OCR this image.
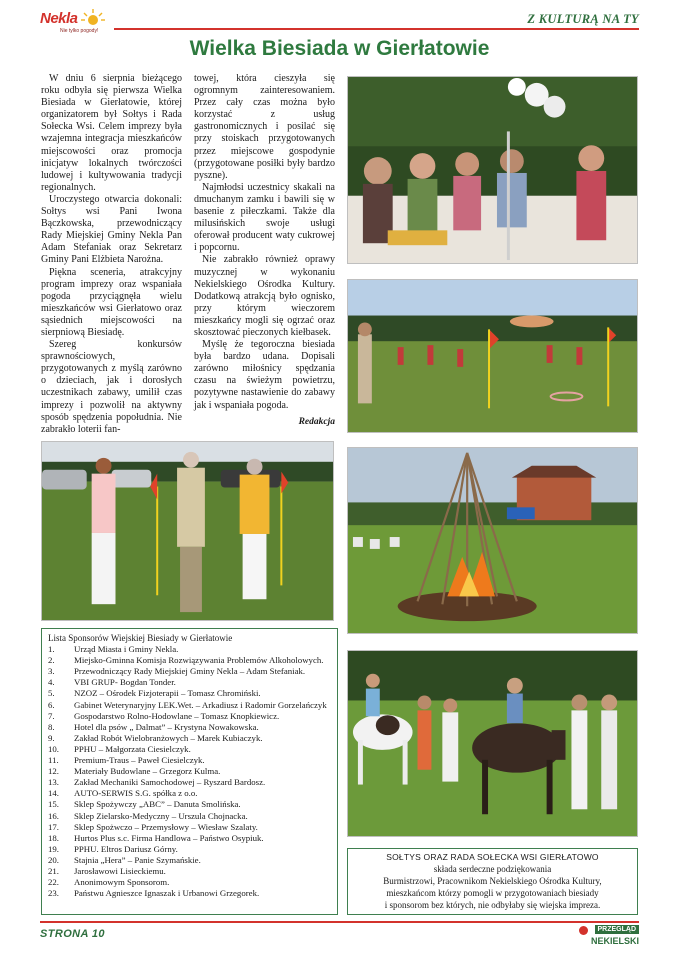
Nekla
Nie tylko pogody!
Z KULTURĄ NA TY
Wielka Biesiada w Gierłatowie

W dniu 6 sierpnia bieżącego roku odbyła się pierwsza Wielka Biesiada w Gierłatowie, której organizatorem był Sołtys i Rada Sołecka Wsi. Celem imprezy była wzajemna integracja mieszkańców miejscowości oraz promocja inicjatyw lokalnych twórczości ludowej i kultywowania tradycji regionalnych.

Uroczystego otwarcia dokonali: Sołtys wsi Pani Iwona Bączkowska, przewodniczący Rady Miejskiej Gminy Nekla Pan Adam Stefaniak oraz Sekretarz Gminy Pani Elżbieta Narożna.

Piękna sceneria, atrakcyjny program imprezy oraz wspaniała pogoda przyciągnęła wielu mieszkańców wsi Gierłatowo oraz sąsiednich miejscowości na sierpniową Biesiadę.

Szereg konkursów sprawnościowych, przygotowanych z myślą zarówno o dzieciach, jak i dorosłych uczestnikach zabawy, umilił czas imprezy i pozwolił na aktywny sposób spędzenia popołudnia. Nie zabrakło loterii fan-

towej, która cieszyła się ogromnym zainteresowaniem. Przez cały czas można było korzystać z usług gastronomicznych i posilać się przy stoiskach przygotowanych przez miejscowe gospodynie (przygotowane posiłki były bardzo pyszne).

Najmłodsi uczestnicy skakali na dmuchanym zamku i bawili się w basenie z piłeczkami. Także dla milusińskich swoje usługi oferował producent waty cukrowej i popcornu.

Nie zabrakło również oprawy muzycznej w wykonaniu Nekielskiego Ośrodka Kultury. Dodatkową atrakcją było ognisko, przy którym wieczorem mieszkańcy mogli się ogrzać oraz skosztować pieczonych kiełbasek.

Myślę że tegoroczna biesiada była bardzo udana. Dopisali zarówno miłośnicy spędzania czasu na świeżym powietrzu, pozytywne nastawienie do zabawy jak i wspaniała pogoda.

Redakcja

Lista Sponsorów Wiejskiej Biesiady w Gierłatowie
1.	Urząd Miasta i Gminy Nekla.
2.	Miejsko-Gminna Komisja Rozwiązywania Problemów Alkoholowych.
3.	Przewodniczący Rady Miejskiej Gminy Nekla – Adam Stefaniak.
4.	VBI GRUP- Bogdan Tonder.
5.	NZOZ – Ośrodek Fizjoterapii – Tomasz Chromiński.
6.	Gabinet Weterynaryjny LEK.Wet. – Arkadiusz i Radomir Gorzelańczyk
7.	Gospodarstwo Rolno-Hodowlane – Tomasz Knopkiewicz.
8.	Hotel dla psów „ Dalmat” – Krystyna Nowakowska.
9.	Zakład Robót Wielobranżowych – Marek Kubiaczyk.
10.	PPHU – Małgorzata Ciesielczyk.
11.	Premium-Traus – Paweł Ciesielczyk.
12.	Materiały Budowlane – Grzegorz Kulma.
13.	Zakład Mechaniki Samochodowej – Ryszard Bardosz.
14.	AUTO-SERWIS S.G. spółka z o.o.
15.	Sklep Spożywczy „ABC” – Danuta Smolińska.
16.	Sklep Zielarsko-Medyczny – Urszula Chojnacka.
17.	Sklep Spożwczo – Przemysłowy – Wiesław Szalaty.
18.	Hurtos Plus s.c. Firma Handlowa – Państwo Osypiuk.
19.	PPHU. Eltros Dariusz Górny.
20.	Stajnia „Hera” – Panie Szymańskie.
21.	Jarosławowi Lisieckiemu.
22.	Anonimowym Sponsorom.
23.	Państwu Agnieszce Ignaszak i Urbanowi Grzegorek.
SOŁTYS ORAZ RADA SOŁECKA WSI GIERŁATOWO
składa serdeczne podziękowania
Burmistrzowi, Pracownikom Nekielskiego Ośrodka Kultury,
mieszkańcom którzy pomogli w przygotowaniach biesiady
i sponsorom bez których, nie odbyłaby się wiejska impreza.
STRONA 10	PRZEGLĄD
NEKIELSKI
